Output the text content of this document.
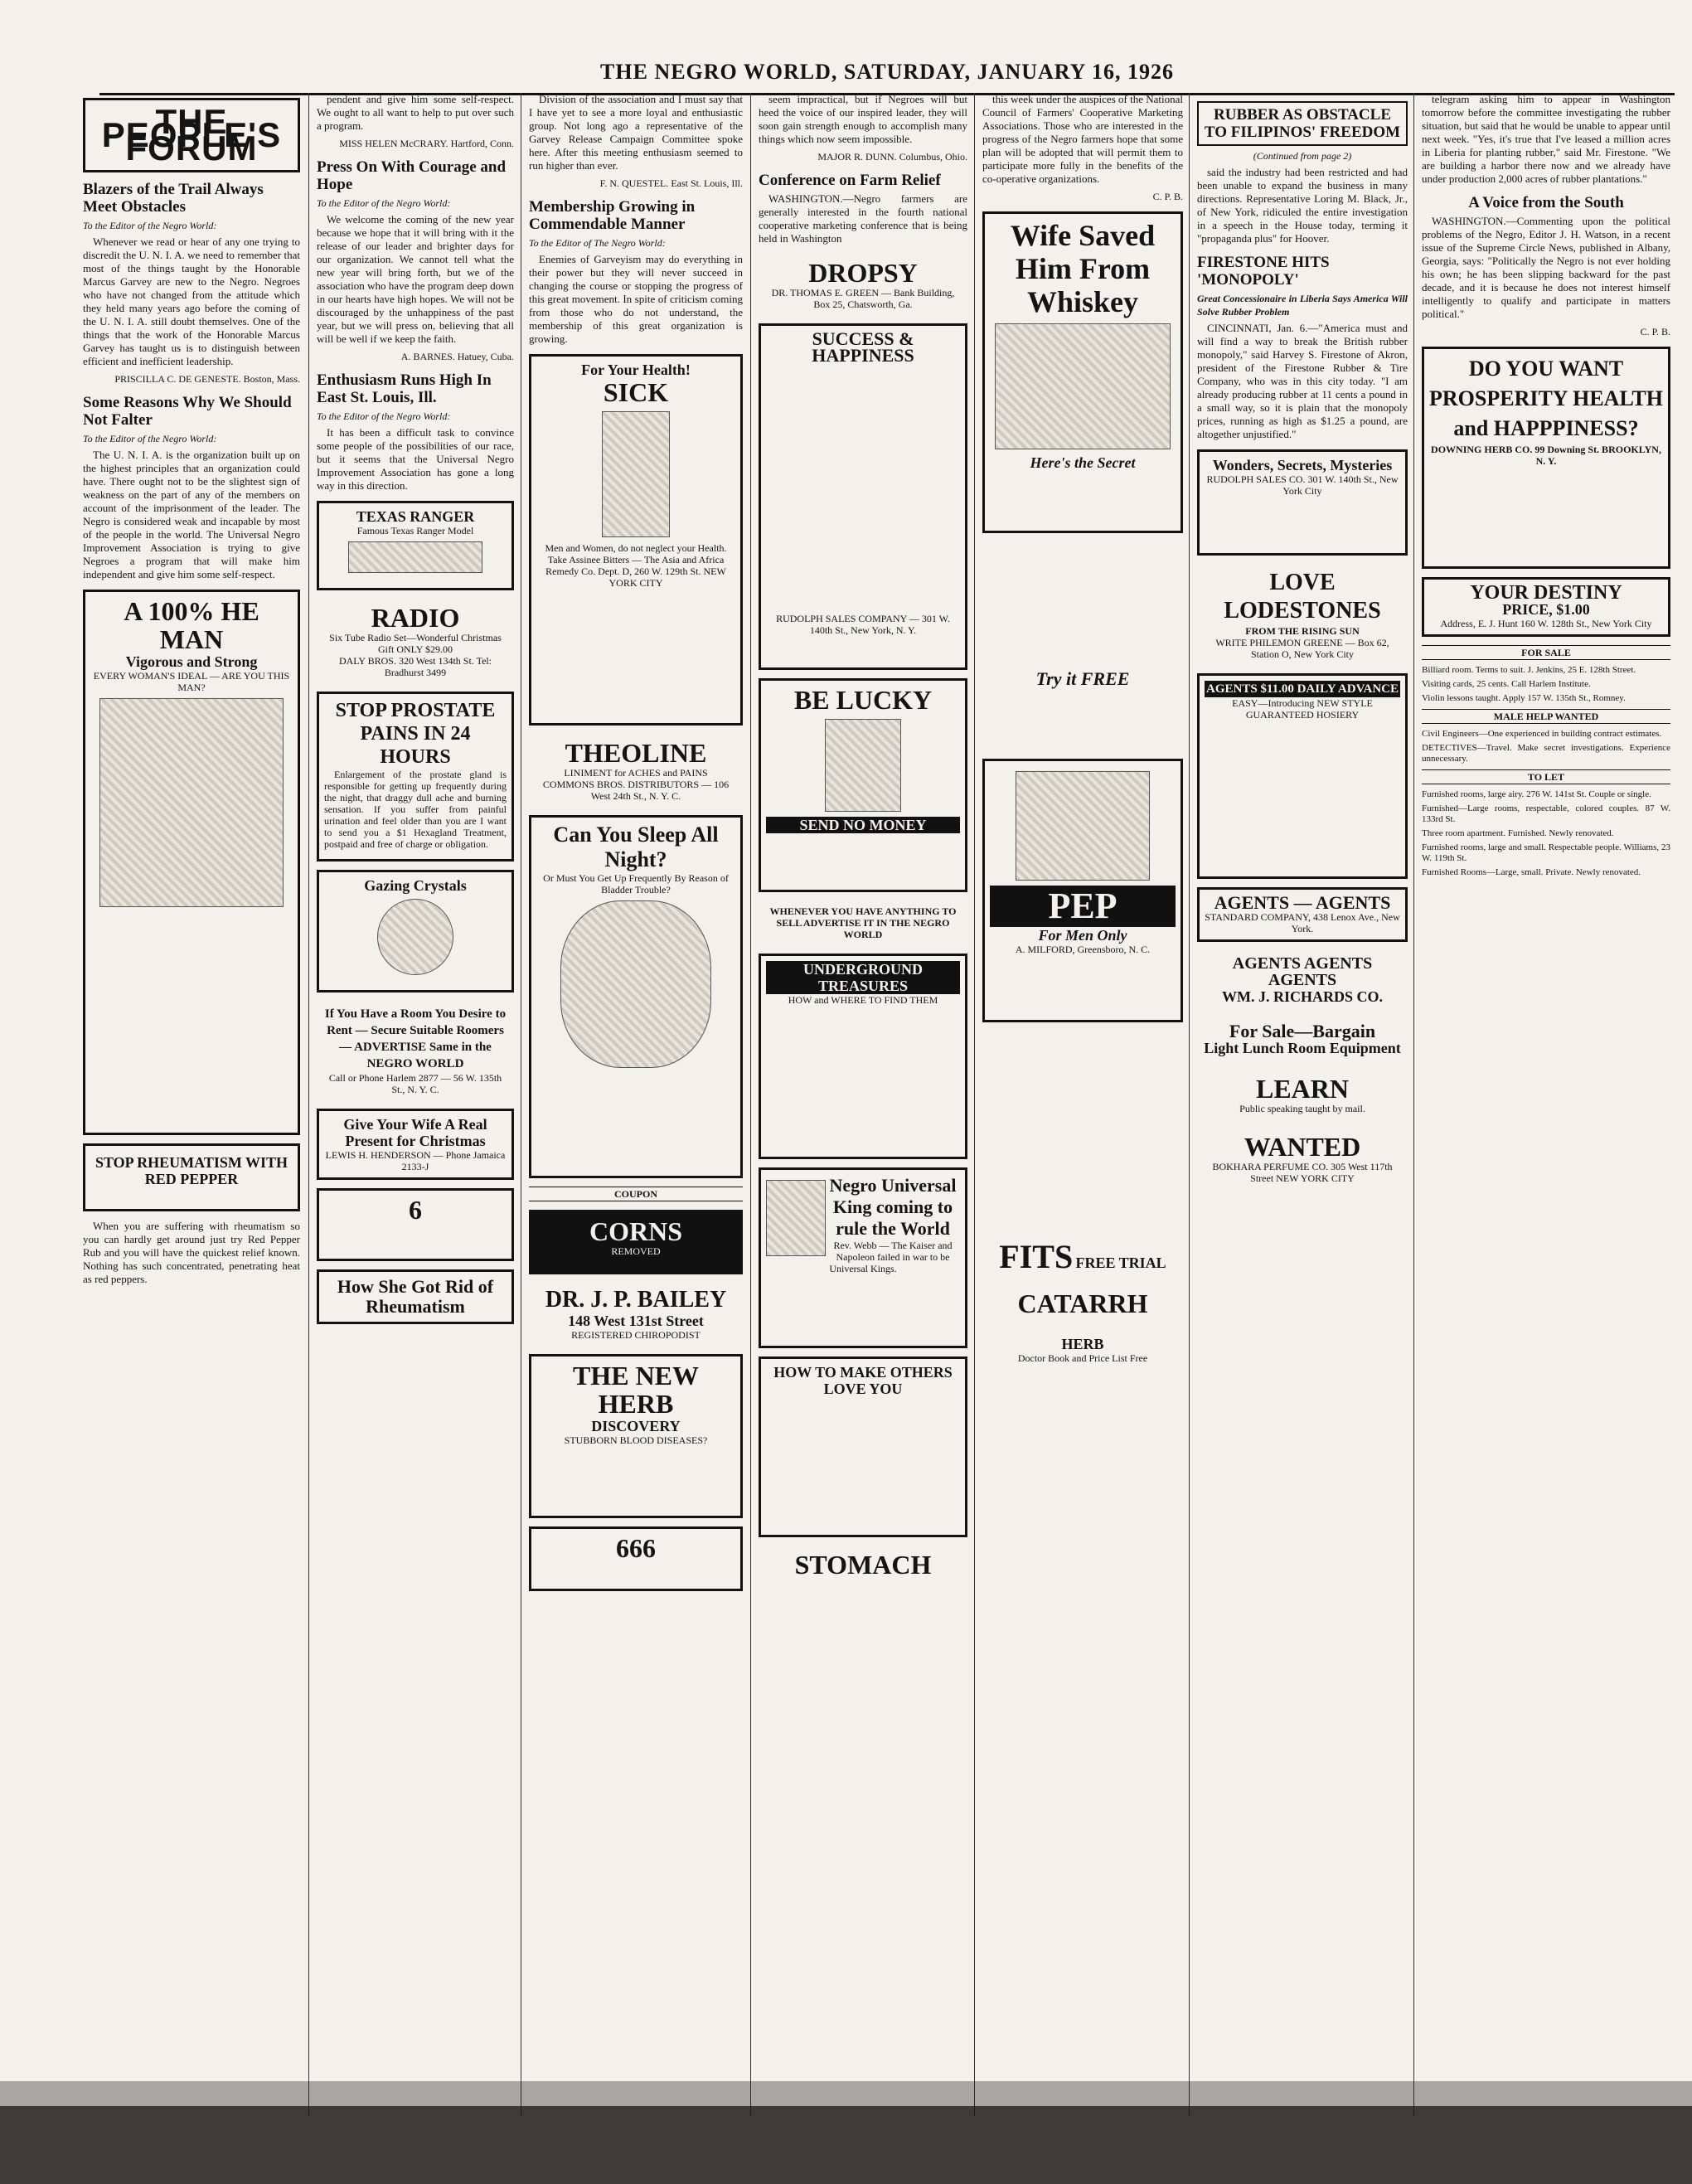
THE NEGRO WORLD, SATURDAY, JANUARY 16, 1926
THE PEOPLE'S FORUM
Blazers of the Trail Always Meet Obstacles
To the Editor of the Negro World:

Whenever we read or hear of any one trying to discredit the U. N. I. A. we need to remember that most of the things taught by the Honorable Marcus Garvey are new to the Negro. Negroes who have not changed from the attitude which they held many years ago before the coming of the U. N. I. A. still doubt themselves. One of the things that the work of the Honorable Marcus Garvey has taught us is to distinguish between efficient and inefficient leadership.

PRISCILLA C. DE GENESTE. Boston, Mass.
Some Reasons Why We Should Not Falter
To the Editor of the Negro World:

The U. N. I. A. is the organization built up on the highest principles that an organization could have. There ought not to be the slightest sign of weakness on the part of any of the members on account of the imprisonment of the leader. The Negro is considered weak and incapable by most of the people in the world. The Universal Negro Improvement Association is trying to give Negroes a program that will make him independent and give him some self-respect.

A 100% HE MAN
Vigorous and Strong
EVERY WOMAN'S IDEAL — ARE YOU THIS MAN?
STOP RHEUMATISM WITH RED PEPPER

When you are suffering with rheumatism so you can hardly get around just try Red Pepper Rub and you will have the quickest relief known. Nothing has such concentrated, penetrating heat as red peppers.

pendent and give him some self-respect. We ought to all want to help to put over such a program.

MISS HELEN McCRARY. Hartford, Conn.
Press On With Courage and Hope
To the Editor of the Negro World:

We welcome the coming of the new year because we hope that it will bring with it the release of our leader and brighter days for our organization. We cannot tell what the new year will bring forth, but we of the association who have the program deep down in our hearts have high hopes. We will not be discouraged by the unhappiness of the past year, but we will press on, believing that all will be well if we keep the faith.

A. BARNES. Hatuey, Cuba.
Enthusiasm Runs High In East St. Louis, Ill.
To the Editor of the Negro World:

It has been a difficult task to convince some people of the possibilities of our race, but it seems that the Universal Negro Improvement Association has gone a long way in this direction.

TEXAS RANGER
Famous Texas Ranger Model
RADIO
Six Tube Radio Set—Wonderful Christmas Gift ONLY $29.00
DALY BROS. 320 West 134th St. Tel: Bradhurst 3499
STOP PROSTATE PAINS IN 24 HOURS

Enlargement of the prostate gland is responsible for getting up frequently during the night, that draggy dull ache and burning sensation. If you suffer from painful urination and feel older than you are I want to send you a $1 Hexagland Treatment, postpaid and free of charge or obligation.

Gazing Crystals
If You Have a Room You Desire to Rent — Secure Suitable Roomers — ADVERTISE Same in the NEGRO WORLD
Call or Phone Harlem 2877 — 56 W. 135th St., N. Y. C.
Give Your Wife A Real Present for Christmas
LEWIS H. HENDERSON — Phone Jamaica 2133-J
6
How She Got Rid of Rheumatism

Division of the association and I must say that I have yet to see a more loyal and enthusiastic group. Not long ago a representative of the Garvey Release Campaign Committee spoke here. After this meeting enthusiasm seemed to run higher than ever.

F. N. QUESTEL. East St. Louis, Ill.
Membership Growing in Commendable Manner
To the Editor of The Negro World:

Enemies of Garveyism may do everything in their power but they will never succeed in changing the course or stopping the progress of this great movement. In spite of criticism coming from those who do not understand, the membership of this great organization is growing.

For Your Health!
SICK
Men and Women, do not neglect your Health. Take Assinee Bitters — The Asia and Africa Remedy Co. Dept. D, 260 W. 129th St. NEW YORK CITY
THEOLINE
LINIMENT for ACHES and PAINS
COMMONS BROS. DISTRIBUTORS — 106 West 24th St., N. Y. C.
Can You Sleep All Night?
Or Must You Get Up Frequently By Reason of Bladder Trouble?
COUPON
CORNS
REMOVED
DR. J. P. BAILEY
148 West 131st Street
REGISTERED CHIROPODIST
THE NEW HERB
DISCOVERY
STUBBORN BLOOD DISEASES?
666

seem impractical, but if Negroes will but heed the voice of our inspired leader, they will soon gain strength enough to accomplish many things which now seem impossible.

MAJOR R. DUNN. Columbus, Ohio.
Conference on Farm Relief

WASHINGTON.—Negro farmers are generally interested in the fourth national cooperative marketing conference that is being held in Washington

DROPSY
DR. THOMAS E. GREEN — Bank Building, Box 25, Chatsworth, Ga.
SUCCESS & HAPPINESS
RUDOLPH SALES COMPANY — 301 W. 140th St., New York, N. Y.
BE LUCKY
SEND NO MONEY
WHENEVER YOU HAVE ANYTHING TO SELL ADVERTISE IT IN THE NEGRO WORLD
UNDERGROUND TREASURES
HOW and WHERE TO FIND THEM
Negro Universal King coming to rule the World
Rev. Webb — The Kaiser and Napoleon failed in war to be Universal Kings.
HOW TO MAKE OTHERS LOVE YOU
STOMACH

this week under the auspices of the National Council of Farmers' Cooperative Marketing Associations. Those who are interested in the progress of the Negro farmers hope that some plan will be adopted that will permit them to participate more fully in the benefits of the co-operative organizations.

C. P. B.
Wife Saved Him From Whiskey
Here's the Secret
Try it FREE
PEP
For Men Only
A. MILFORD, Greensboro, N. C.
FITS FREE TRIAL
CATARRH
HERB
Doctor Book and Price List Free
RUBBER AS OBSTACLE TO FILIPINOS' FREEDOM
(Continued from page 2)

said the industry had been restricted and had been unable to expand the business in many directions. Representative Loring M. Black, Jr., of New York, ridiculed the entire investigation in a speech in the House today, terming it "propaganda plus" for Hoover.

FIRESTONE HITS 'MONOPOLY'
Great Concessionaire in Liberia Says America Will Solve Rubber Problem

CINCINNATI, Jan. 6.—"America must and will find a way to break the British rubber monopoly," said Harvey S. Firestone of Akron, president of the Firestone Rubber & Tire Company, who was in this city today. "I am already producing rubber at 11 cents a pound in a small way, so it is plain that the monopoly prices, running as high as $1.25 a pound, are altogether unjustified."

Wonders, Secrets, Mysteries
RUDOLPH SALES CO. 301 W. 140th St., New York City
LOVE LODESTONES
FROM THE RISING SUN
WRITE PHILEMON GREENE — Box 62, Station O, New York City
AGENTS $11.00 DAILY ADVANCE
EASY—Introducing NEW STYLE GUARANTEED HOSIERY
AGENTS — AGENTS
STANDARD COMPANY, 438 Lenox Ave., New York.
AGENTS AGENTS AGENTS
WM. J. RICHARDS CO.
For Sale—Bargain
Light Lunch Room Equipment
LEARN
Public speaking taught by mail.
WANTED
BOKHARA PERFUME CO. 305 West 117th Street NEW YORK CITY

telegram asking him to appear in Washington tomorrow before the committee investigating the rubber situation, but said that he would be unable to appear until next week. "Yes, it's true that I've leased a million acres in Liberia for planting rubber," said Mr. Firestone. "We are building a harbor there now and we already have under production 2,000 acres of rubber plantations."

A Voice from the South

WASHINGTON.—Commenting upon the political problems of the Negro, Editor J. H. Watson, in a recent issue of the Supreme Circle News, published in Albany, Georgia, says: "Politically the Negro is not ever holding his own; he has been slipping backward for the past decade, and it is because he does not interest himself intelligently to qualify and participate in matters political."

C. P. B.
DO YOU WANT PROSPERITY HEALTH and HAPPPINESS?
DOWNING HERB CO. 99 Downing St. BROOKLYN, N. Y.
YOUR DESTINY
PRICE, $1.00
Address, E. J. Hunt 160 W. 128th St., New York City
FOR SALE

Billiard room. Terms to suit. J. Jenkins, 25 E. 128th Street.

Visiting cards, 25 cents. Call Harlem Institute.

Violin lessons taught. Apply 157 W. 135th St., Romney.

MALE HELP WANTED

Civil Engineers—One experienced in building contract estimates.

DETECTIVES—Travel. Make secret investigations. Experience unnecessary.

TO LET

Furnished rooms, large airy. 276 W. 141st St. Couple or single.

Furnished—Large rooms, respectable, colored couples. 87 W. 133rd St.

Three room apartment. Furnished. Newly renovated.

Furnished rooms, large and small. Respectable people. Williams, 23 W. 119th St.

Furnished Rooms—Large, small. Private. Newly renovated.
